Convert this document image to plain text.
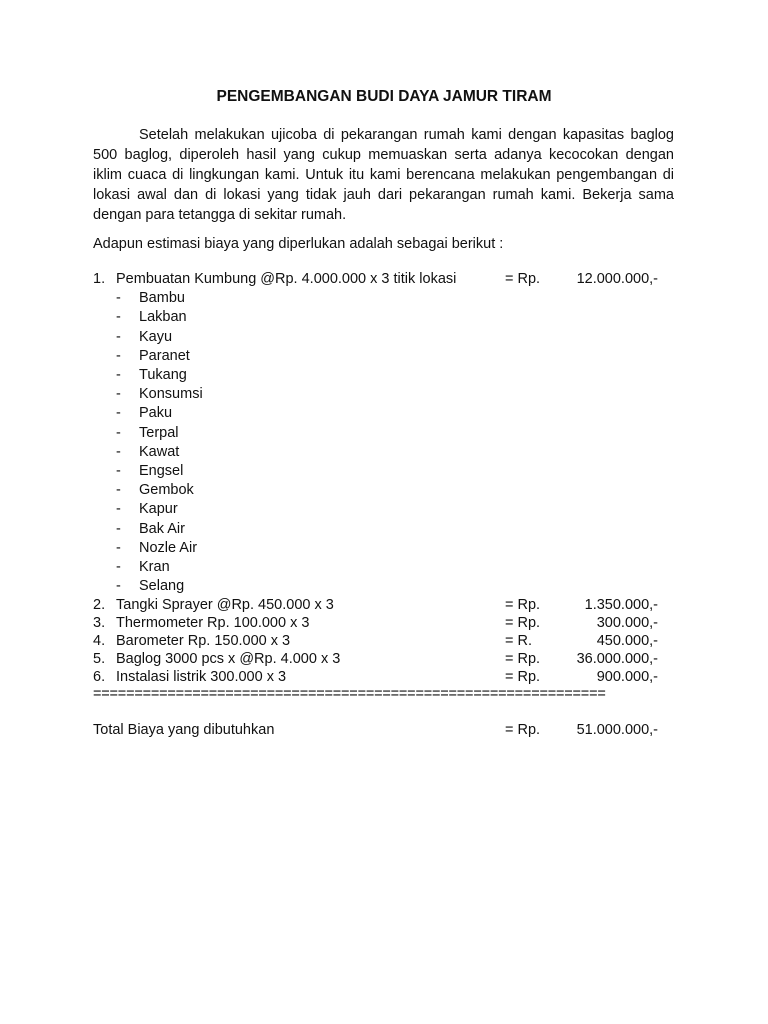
PENGEMBANGAN BUDI DAYA JAMUR TIRAM

Setelah melakukan ujicoba di pekarangan rumah kami dengan kapasitas baglog 500 baglog, diperoleh hasil yang cukup memuaskan serta adanya kecocokan dengan iklim cuaca di lingkungan kami. Untuk itu kami berencana melakukan pengembangan di lokasi awal dan di lokasi yang tidak jauh dari pekarangan rumah kami. Bekerja sama dengan para tetangga di sekitar rumah.

Adapun estimasi biaya yang diperlukan adalah sebagai berikut :
1. Pembuatan Kumbung @Rp. 4.000.000 x 3 titik lokasi	= Rp.	12.000.000,-
- Bambu
- Lakban
- Kayu
- Paranet
- Tukang
- Konsumsi
- Paku
- Terpal
- Kawat
- Engsel
- Gembok
- Kapur
- Bak Air
- Nozle Air
- Kran
- Selang
2. Tangki Sprayer @Rp. 450.000 x 3	= Rp.	1.350.000,-
3. Thermometer Rp. 100.000 x 3	= Rp.	300.000,-
4. Barometer Rp. 150.000 x 3	= R.	450.000,-
5. Baglog 3000 pcs x @Rp. 4.000 x 3	= Rp.	36.000.000,-
6. Instalasi listrik 300.000 x 3	= Rp.	900.000,-
==============================================================
Total Biaya yang dibutuhkan	= Rp.	51.000.000,-
